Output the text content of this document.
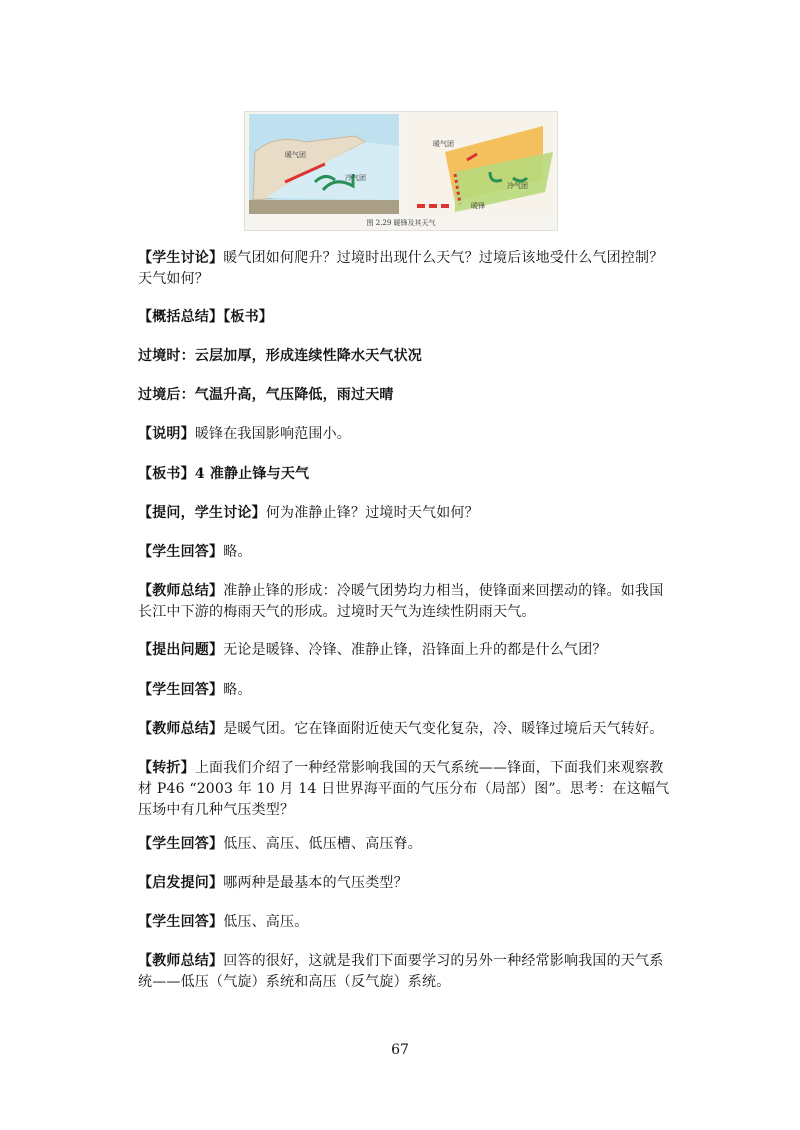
暖气团
冷气团
暖气团
冷气团
暖锋
图 2.29 暖锋及其天气

【学生讨论】暖气团如何爬升？过境时出现什么天气？过境后该地受什么气团控制？天气如何？

【概括总结】【板书】

过境时：云层加厚，形成连续性降水天气状况

过境后：气温升高，气压降低，雨过天晴

【说明】暖锋在我国影响范围小。

【板书】4 准静止锋与天气

【提问，学生讨论】何为准静止锋？过境时天气如何？

【学生回答】略。

【教师总结】准静止锋的形成：冷暖气团势均力相当，使锋面来回摆动的锋。如我国长江中下游的梅雨天气的形成。过境时天气为连续性阴雨天气。

【提出问题】无论是暖锋、冷锋、准静止锋，沿锋面上升的都是什么气团？

【学生回答】略。

【教师总结】是暖气团。它在锋面附近使天气变化复杂，冷、暖锋过境后天气转好。

【转折】上面我们介绍了一种经常影响我国的天气系统——锋面，下面我们来观察教材 P46 “2003 年 10 月 14 日世界海平面的气压分布（局部）图”。思考：在这幅气压场中有几种气压类型？

【学生回答】低压、高压、低压槽、高压脊。

【启发提问】哪两种是最基本的气压类型？

【学生回答】低压、高压。

【教师总结】回答的很好，这就是我们下面要学习的另外一种经常影响我国的天气系统——低压（气旋）系统和高压（反气旋）系统。

67
